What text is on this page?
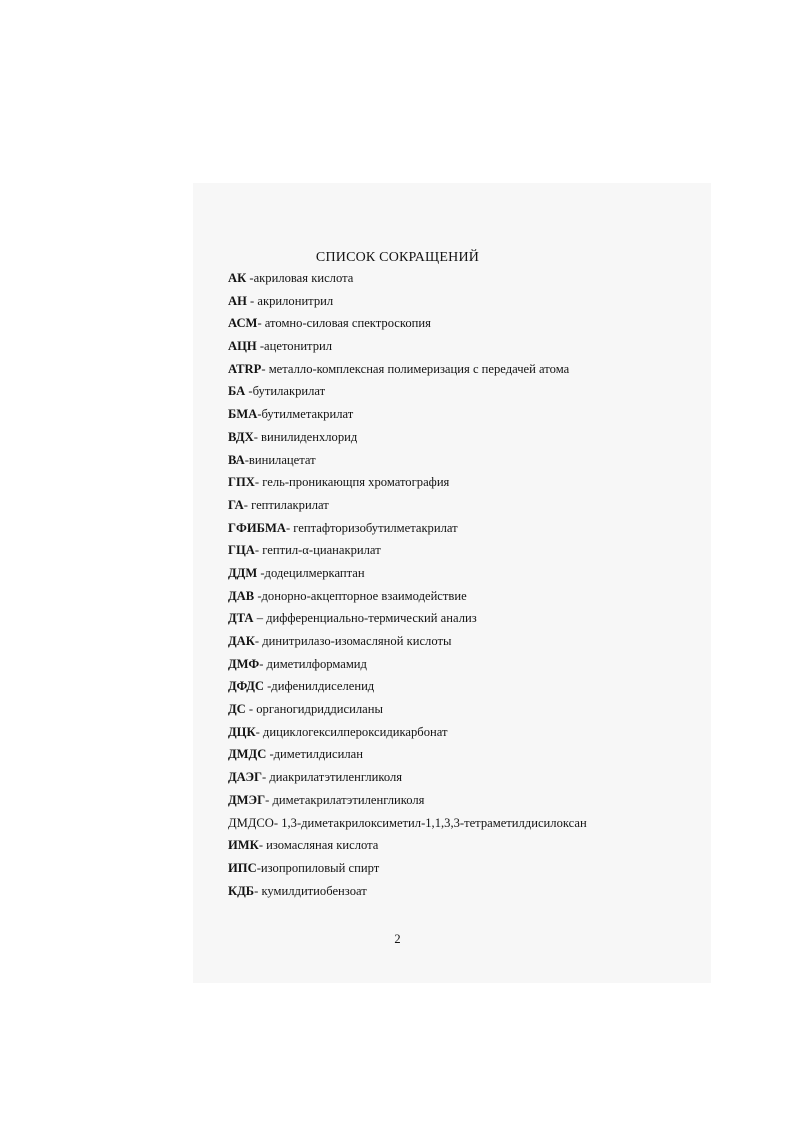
СПИСОК СОКРАЩЕНИЙ
АК -акриловая кислота
АН - акрилонитрил
АСМ- атомно-силовая спектроскопия
АЦН -ацетонитрил
ATRP- металло-комплексная полимеризация с передачей атома
БА -бутилакрилат
БМА-бутилметакрилат
ВДХ- винилиденхлорид
ВА-винилацетат
ГПХ- гель-проникающпя хроматография
ГА- гептилакрилат
ГФИБМА- гептафторизобутилметакрилат
ГЦА- гептил-α-цианакрилат
ДДМ -додецилмеркаптан
ДАВ -донорно-акцепторное взаимодействие
ДТА – дифференциально-термический анализ
ДАК- динитрилазо-изомасляной кислоты
ДМФ- диметилформамид
ДФДС -дифенилдиселенид
ДС - органогидриддисиланы
ДЦК- дициклогексилпероксидикарбонат
ДМДС -диметилдисилан
ДАЭГ- диакрилатэтиленгликоля
ДМЭГ- диметакрилатэтиленгликоля
ДМДСО- 1,3-диметакрилоксиметил-1,1,3,3-тетраметилдисилоксан
ИМК- изомасляная кислота
ИПС-изопропиловый спирт
КДБ- кумилдитиобензоат
2
